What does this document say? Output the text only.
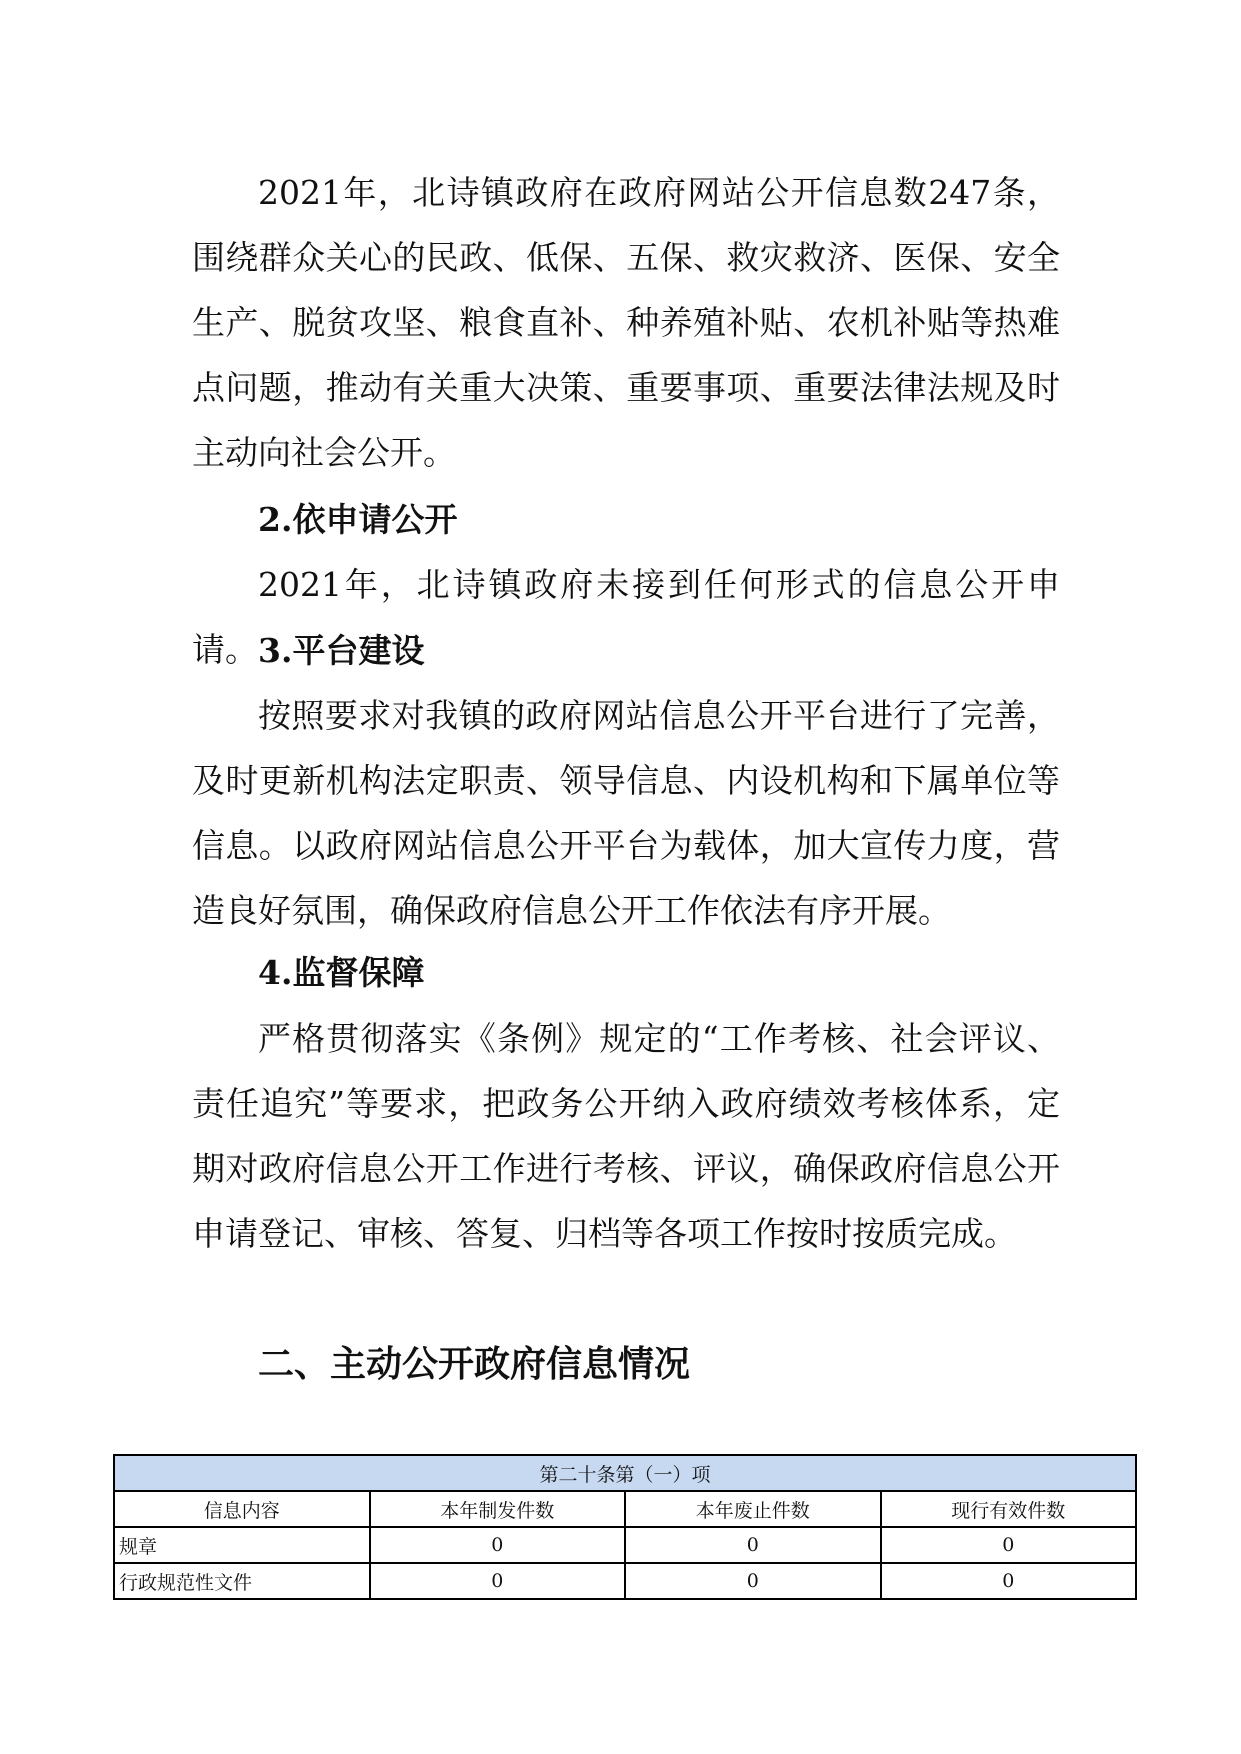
2021年，北诗镇政府在政府网站公开信息数247条，围绕群众关心的民政、低保、五保、救灾救济、医保、安全生产、脱贫攻坚、粮食直补、种养殖补贴、农机补贴等热难点问题，推动有关重大决策、重要事项、重要法律法规及时主动向社会公开。

2.依申请公开

2021年，北诗镇政府未接到任何形式的信息公开申请。 3.平台建设

按照要求对我镇的政府网站信息公开平台进行了完善，及时更新机构法定职责、领导信息、内设机构和下属单位等信息。以政府网站信息公开平台为载体，加大宣传力度，营造良好氛围，确保政府信息公开工作依法有序开展。

4.监督保障

严格贯彻落实《条例》规定的“工作考核、社会评议、责任追究”等要求，把政务公开纳入政府绩效考核体系，定期对政府信息公开工作进行考核、评议，确保政府信息公开申请登记、审核、答复、归档等各项工作按时按质完成。

二、主动公开政府信息情况

第二十条第（一）项			
信息内容	本年制发件数	本年废止件数	现行有效件数
规章	0	0	0
行政规范性文件	0	0	0
